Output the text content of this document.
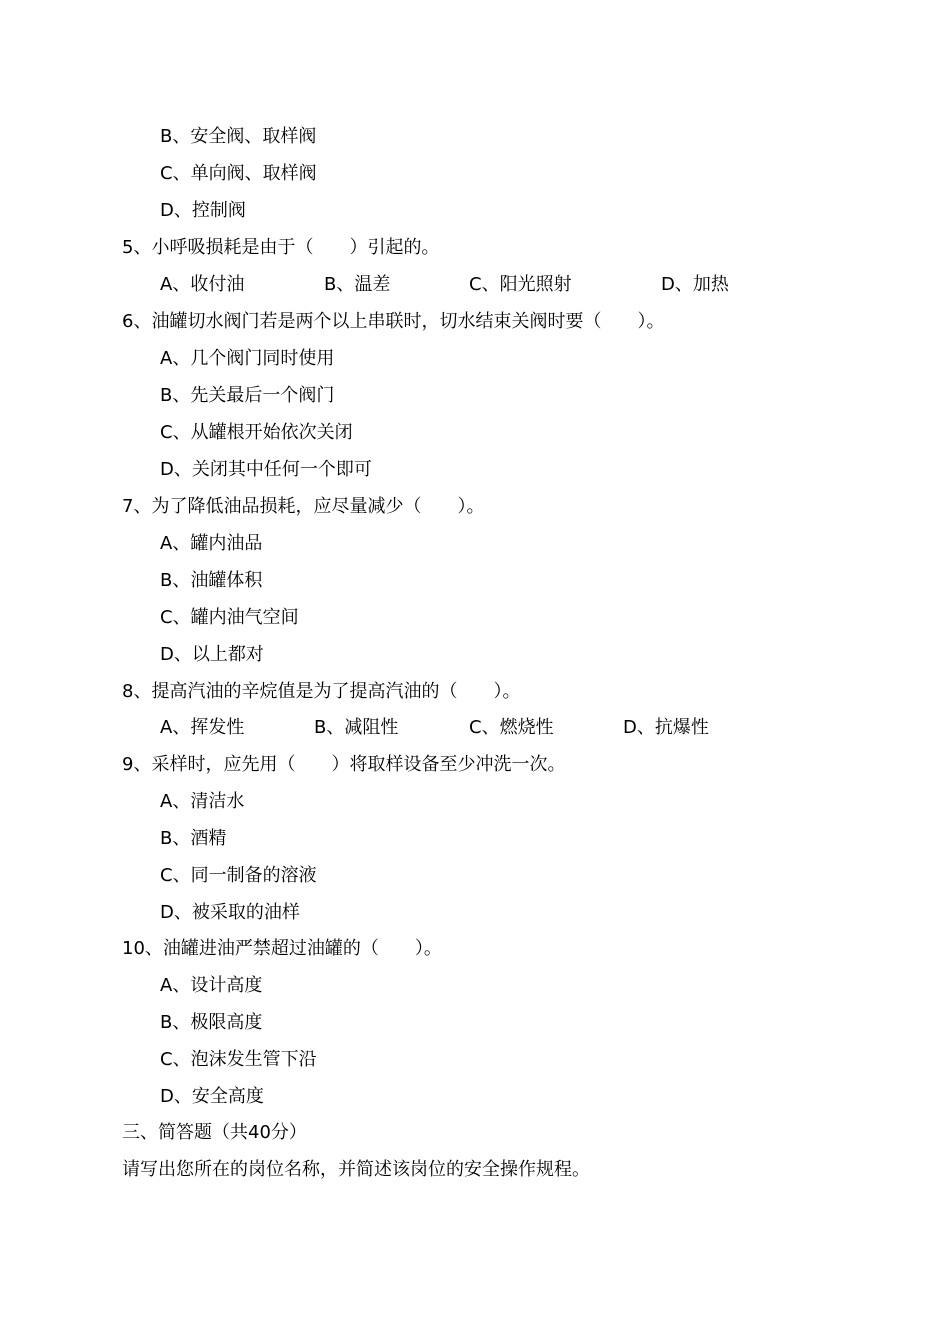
B、安全阀、取样阀
C、单向阀、取样阀
D、控制阀
5、小呼吸损耗是由于（　　）引起的。
A、收付油	B、温差	C、阳光照射	D、加热
6、油罐切水阀门若是两个以上串联时，切水结束关阀时要（　　）。
A、几个阀门同时使用
B、先关最后一个阀门
C、从罐根开始依次关闭
D、关闭其中任何一个即可
7、为了降低油品损耗，应尽量减少（　　）。
A、罐内油品
B、油罐体积
C、罐内油气空间
D、以上都对
8、提高汽油的辛烷值是为了提高汽油的（　　）。
A、挥发性	B、减阻性	C、燃烧性	D、抗爆性
9、采样时，应先用（　　）将取样设备至少冲洗一次。
A、清洁水
B、酒精
C、同一制备的溶液
D、被采取的油样
10、油罐进油严禁超过油罐的（　　）。
A、设计高度
B、极限高度
C、泡沫发生管下沿
D、安全高度
三、简答题（共40分）
请写出您所在的岗位名称，并简述该岗位的安全操作规程。
